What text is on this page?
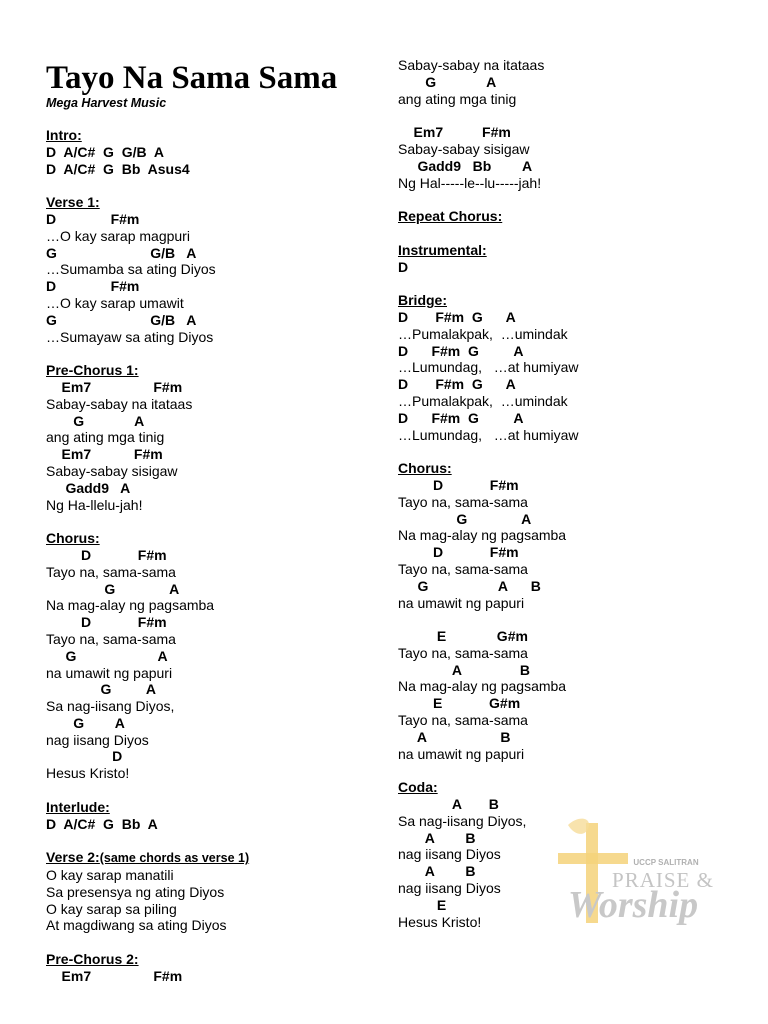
Tayo Na Sama Sama
Mega Harvest Music
Intro:
D  A/C#  G  G/B  A
D  A/C#  G  Bb  Asus4
Verse 1:
D              F#m
…O kay sarap magpuri
G                        G/B   A
…Sumamba sa ating Diyos
D              F#m
…O kay sarap umawit
G                        G/B   A
…Sumayaw sa ating Diyos
Pre-Chorus 1:
Em7                F#m
Sabay-sabay na itataas
G             A
ang ating mga tinig
Em7           F#m
Sabay-sabay sisigaw
Gadd9   A
Ng Ha-llelu-jah!
Chorus:
D            F#m
Tayo na, sama-sama
G              A
Na mag-alay ng pagsamba
D            F#m
Tayo na, sama-sama
G                     A
na umawit ng papuri
G         A
Sa nag-iisang Diyos,
G        A
nag iisang Diyos
D
Hesus Kristo!
Interlude:
D  A/C#  G  Bb  A
Verse 2:(same chords as verse 1)
O kay sarap manatili
Sa presensya ng ating Diyos
O kay sarap sa piling
At magdiwang sa ating Diyos
Pre-Chorus 2:
Em7                F#m
Sabay-sabay na itataas
G             A
ang ating mga tinig
Em7          F#m
Sabay-sabay sisigaw
Gadd9   Bb        A
Ng Hal-----le--lu-----jah!
Repeat Chorus:
Instrumental:
D
Bridge:
D       F#m  G      A
…Pumalakpak,  …umindak
D      F#m  G         A
…Lumundag,   …at humiyaw
D       F#m  G      A
…Pumalakpak,  …umindak
D      F#m  G         A
…Lumundag,   …at humiyaw
Chorus:
D            F#m
Tayo na, sama-sama
G              A
Na mag-alay ng pagsamba
D            F#m
Tayo na, sama-sama
G                  A      B
na umawit ng papuri
E             G#m
Tayo na, sama-sama
A               B
Na mag-alay ng pagsamba
E            G#m
Tayo na, sama-sama
A                   B
na umawit ng papuri
Coda:
A       B
Sa nag-iisang Diyos,
A        B
nag iisang Diyos
A        B
nag iisang Diyos
E
Hesus Kristo!
UCCP SALITRAN
PRAISE &
Worship
